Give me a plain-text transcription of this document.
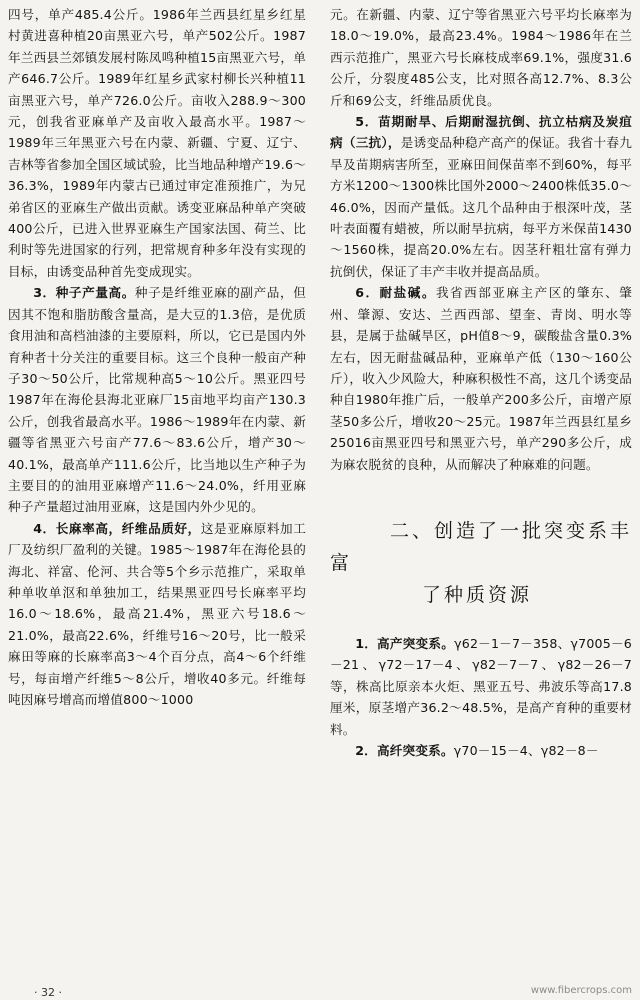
四号，单产485.4公斤。1986年兰西县红星乡红星村黄进喜种植20亩黑亚六号，单产502公斤。1987年兰西县兰郊镇发展村陈凤鸣种植15亩黑亚六号，单产646.7公斤。1989年红星乡武家村柳长兴种植11亩黑亚六号，单产726.0公斤。亩收入288.9～300元，创我省亚麻单产及亩收入最高水平。1987～1989年三年黑亚六号在内蒙、新疆、宁夏、辽宁、吉林等省参加全国区域试验，比当地品种增产19.6～36.3%，1989年内蒙古已通过审定准预推广，为兄弟省区的亚麻生产做出贡献。诱变亚麻品种单产突破400公斤，已进入世界亚麻生产国家法国、荷兰、比利时等先进国家的行列，把常规育种多年没有实现的目标，由诱变品种首先变成现实。

3．种子产量高。种子是纤维亚麻的副产品，但因其不饱和脂肪酸含量高，是大豆的1.3倍，是优质食用油和高档油漆的主要原料，所以，它已是国内外育种者十分关注的重要目标。这三个良种一般亩产种子30～50公斤，比常规种高5～10公斤。黑亚四号1987年在海伦县海北亚麻厂15亩地平均亩产130.3公斤，创我省最高水平。1986～1989年在内蒙、新疆等省黑亚六号亩产77.6～83.6公斤，增产30～40.1%，最高单产111.6公斤，比当地以生产种子为主要目的的油用亚麻增产11.6～24.0%，纤用亚麻种子产量超过油用亚麻，这是国内外少见的。

4．长麻率高，纤维品质好，这是亚麻原料加工厂及纺织厂盈利的关键。1985～1987年在海伦县的海北、祥富、伦河、共合等5个乡示范推广，采取单种单收单沤和单独加工，结果黑亚四号长麻率平均16.0～18.6%，最高21.4%，黑亚六号18.6～21.0%，最高22.6%，纤维号16～20号，比一般采麻田等麻的长麻率高3～4个百分点，高4～6个纤维号，每亩增产纤维5～8公斤，增收40多元。纤维每吨因麻号增高而增值800～1000

元。在新疆、内蒙、辽宁等省黑亚六号平均长麻率为18.0～19.0%，最高23.4%。1984～1986年在兰西示范推广，黑亚六号长麻枝成率69.1%，强度31.6公斤，分裂度485公支，比对照各高12.7%、8.3公斤和69公支，纤维品质优良。

5．苗期耐旱、后期耐湿抗倒、抗立枯病及炭疽病（三抗），是诱变品种稳产高产的保证。我省十春九旱及苗期病害所至，亚麻田间保苗率不到60%，每平方米1200～1300株比国外2000～2400株低35.0～46.0%，因而产量低。这几个品种由于根深叶茂，茎叶表面覆有蜡被，所以耐旱抗病，每平方米保苗1430～1560株，提高20.0%左右。因茎秆粗壮富有弹力抗倒伏，保证了丰产丰收并提高品质。

6．耐盐碱。我省西部亚麻主产区的肇东、肇州、肇源、安达、兰西西部、望奎、青岗、明水等县，是属于盐碱旱区，pH值8～9，碳酸盐含量0.3%左右，因无耐盐碱品种，亚麻单产低（130～160公斤），收入少风险大，种麻积极性不高，这几个诱变品种自1980年推广后，一般单产200多公斤，亩增产原茎50多公斤，增收20～25元。1987年兰西县红星乡25016亩黑亚四号和黑亚六号，单产290多公斤，成为麻农脱贫的良种，从而解决了种麻难的问题。

二、创造了一批突变系丰富
了种质资源

1．高产突变系。γ62－1－7－358、γ7005－6－21、γ72－17－4、γ82－7－7、γ82－26－7等，株高比原亲本火炬、黑亚五号、弗波乐等高17.8厘米，原茎增产36.2～48.5%，是高产育种的重要材料。

2．高纤突变系。γ70－15－4、γ82－8－

· 32 ·	www.fibercrops.com
